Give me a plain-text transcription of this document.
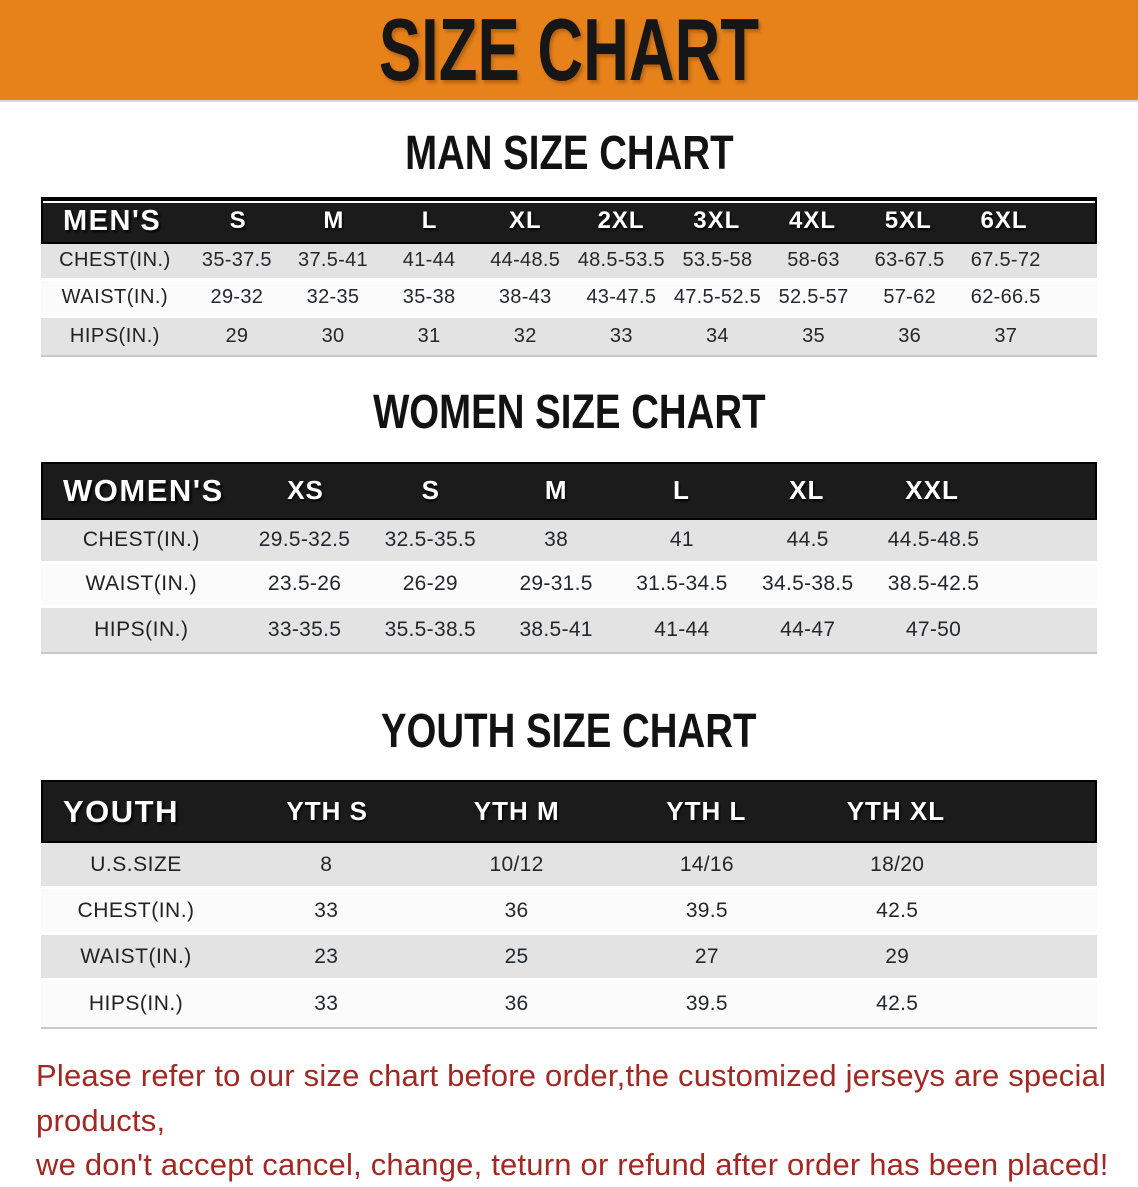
SIZE CHART
MAN SIZE CHART
MEN'S	S	M	L	XL	2XL	3XL	4XL	5XL	6XL
CHEST(IN.)	35-37.5	37.5-41	41-44	44-48.5 48.5-53.5 53.5-58	58-63	63-67.5	67.5-72
WAIST(IN.)	29-32	32-35	35-38	38-43	43-47.5 47.5-52.5 52.5-57	57-62	62-66.5
HIPS(IN.)	29	30	31	32	33	34	35	36	37
WOMEN SIZE CHART
WOMEN'S	XS	S	M	L	XL	XXL
CHEST(IN.)	29.5-32.5	32.5-35.5	38	41	44.5	44.5-48.5
WAIST(IN.)	23.5-26	26-29	29-31.5	31.5-34.5	34.5-38.5	38.5-42.5
HIPS(IN.)	33-35.5	35.5-38.5	38.5-41	41-44	44-47	47-50
YOUTH SIZE CHART
YOUTH	YTH S	YTH M	YTH L	YTH XL
U.S.SIZE	8	10/12	14/16	18/20
CHEST(IN.)	33	36	39.5	42.5
WAIST(IN.)	23	25	27	29
HIPS(IN.)	33	36	39.5	42.5
Please refer to our size chart before order,the customized jerseys are special products,
we don't accept cancel, change, teturn or refund after order has been placed!
